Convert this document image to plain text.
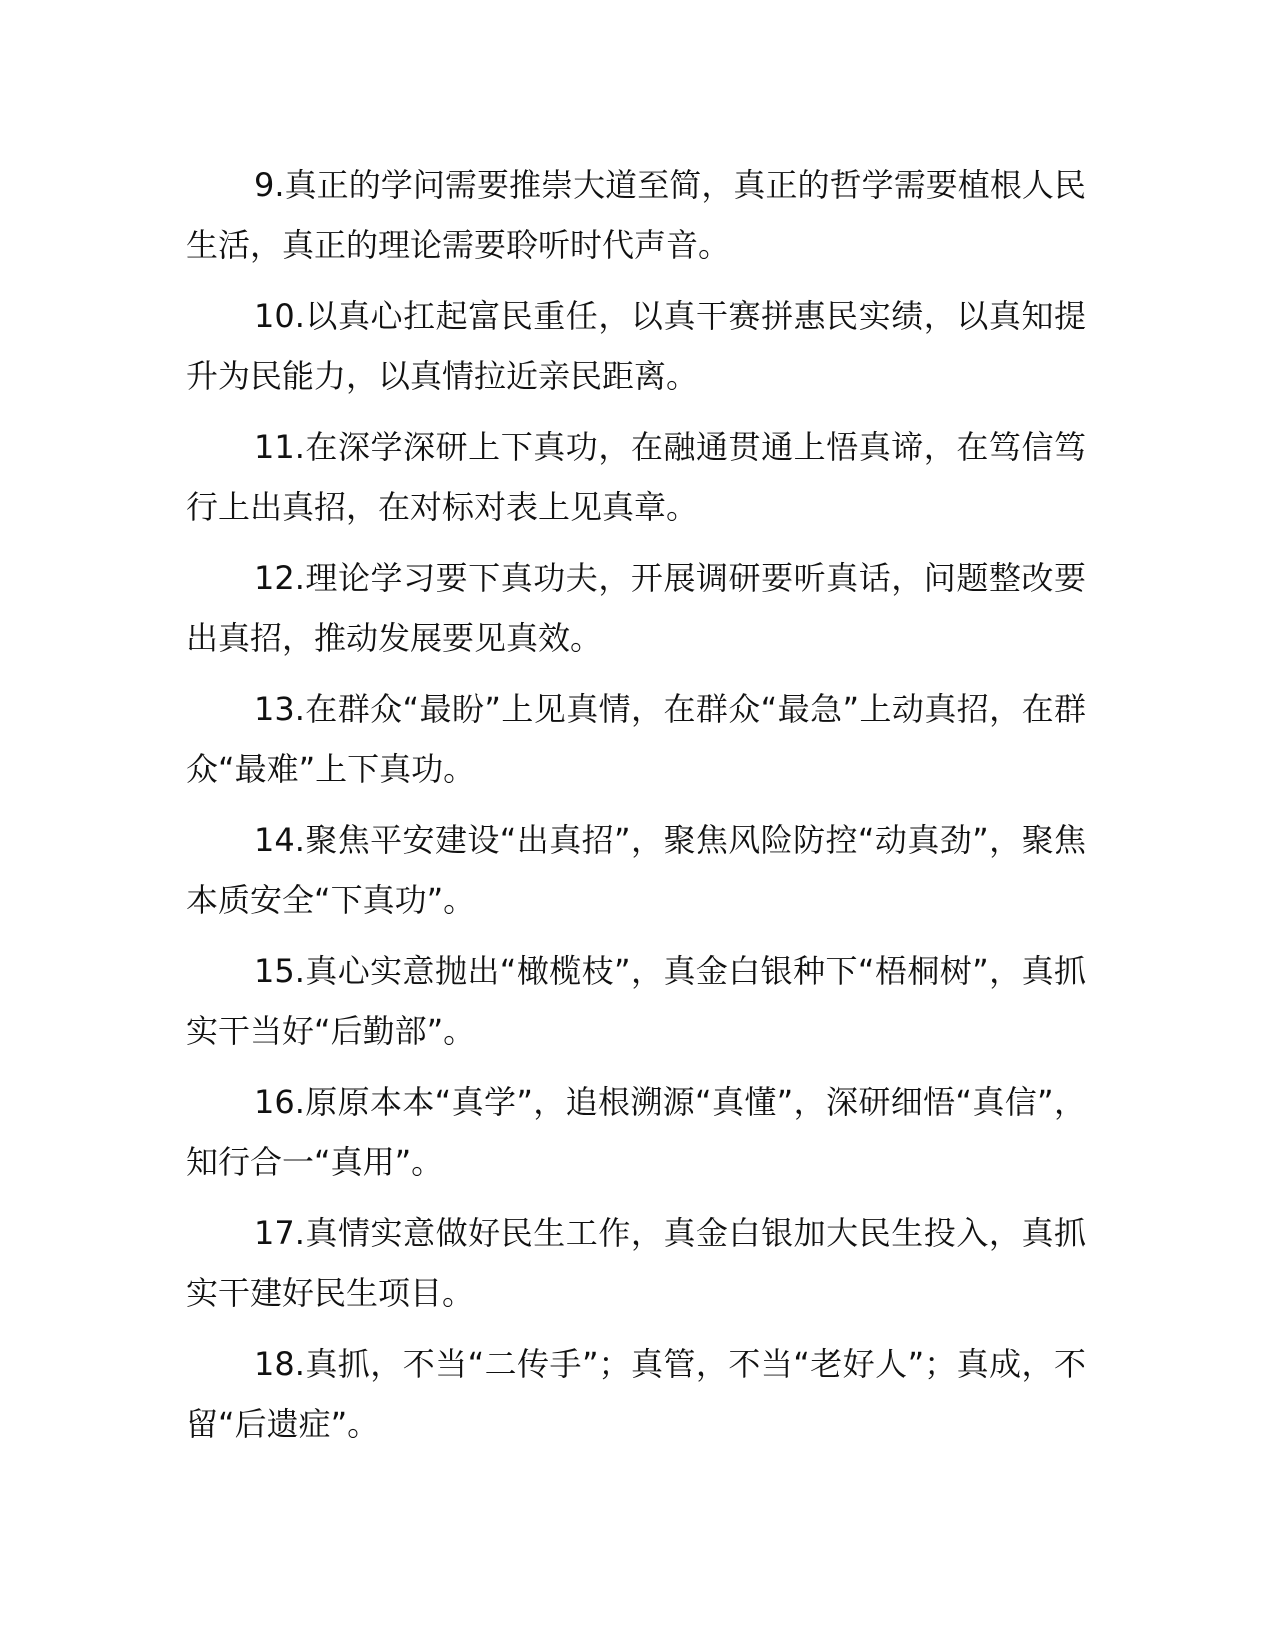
9.真正的学问需要推崇大道至简，真正的哲学需要植根人民生活，真正的理论需要聆听时代声音。

10.以真心扛起富民重任，以真干赛拼惠民实绩，以真知提升为民能力，以真情拉近亲民距离。

11.在深学深研上下真功，在融通贯通上悟真谛，在笃信笃行上出真招，在对标对表上见真章。

12.理论学习要下真功夫，开展调研要听真话，问题整改要出真招，推动发展要见真效。

13.在群众“最盼”上见真情，在群众“最急”上动真招，在群众“最难”上下真功。

14.聚焦平安建设“出真招”，聚焦风险防控“动真劲”，聚焦本质安全“下真功”。

15.真心实意抛出“橄榄枝”，真金白银种下“梧桐树”，真抓实干当好“后勤部”。

16.原原本本“真学”，追根溯源“真懂”，深研细悟“真信”，知行合一“真用”。

17.真情实意做好民生工作，真金白银加大民生投入，真抓实干建好民生项目。

18.真抓，不当“二传手”；真管，不当“老好人”；真成，不留“后遗症”。
